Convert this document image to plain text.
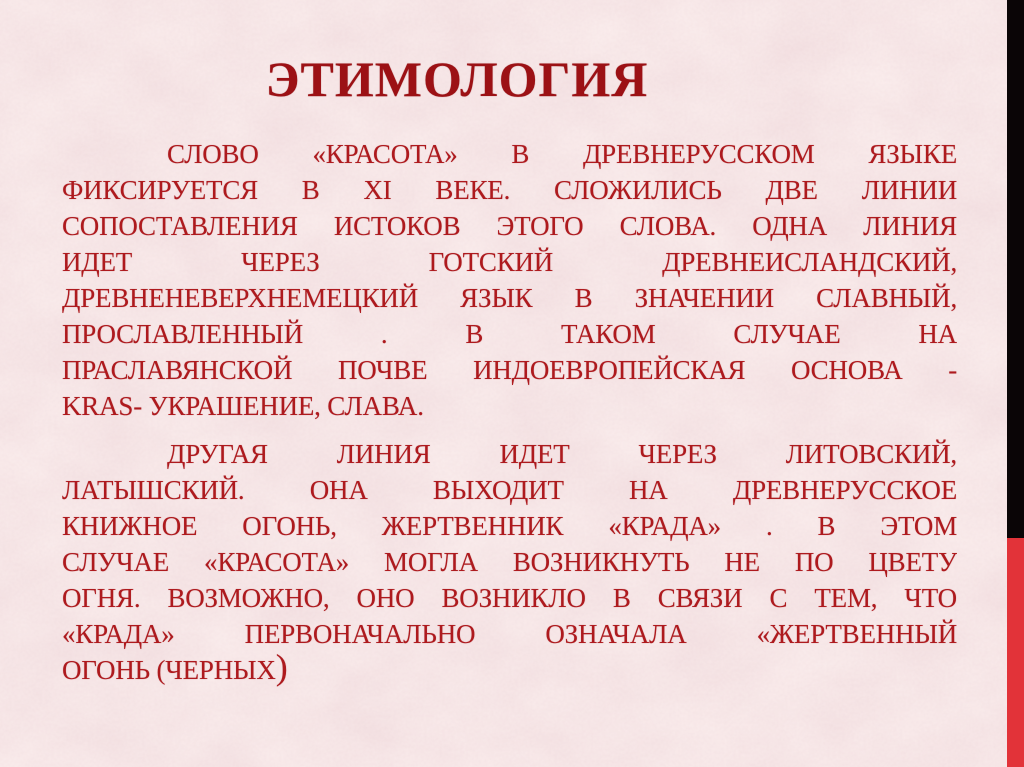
ЭТИМОЛОГИЯ
СЛОВО «КРАСОТА» В ДРЕВНЕРУССКОМ ЯЗЫКЕ
ФИКСИРУЕТСЯ В XI ВЕКЕ. СЛОЖИЛИСЬ ДВЕ ЛИНИИ
СОПОСТАВЛЕНИЯ ИСТОКОВ ЭТОГО СЛОВА. ОДНА ЛИНИЯ
ИДЕТ ЧЕРЕЗ ГОТСКИЙ ДРЕВНЕИСЛАНДСКИЙ,
ДРЕВНЕНЕВЕРХНЕМЕЦКИЙ ЯЗЫК В ЗНАЧЕНИИ СЛАВНЫЙ,
ПРОСЛАВЛЕННЫЙ . В ТАКОМ СЛУЧАЕ НА
ПРАСЛАВЯНСКОЙ ПОЧВЕ ИНДОЕВРОПЕЙСКАЯ ОСНОВА -
KRAS- УКРАШЕНИЕ, СЛАВА.
ДРУГАЯ ЛИНИЯ ИДЕТ ЧЕРЕЗ ЛИТОВСКИЙ,
ЛАТЫШСКИЙ. ОНА ВЫХОДИТ НА ДРЕВНЕРУССКОЕ
КНИЖНОЕ ОГОНЬ, ЖЕРТВЕННИК «КРАДА» . В ЭТОМ
СЛУЧАЕ «КРАСОТА» МОГЛА ВОЗНИКНУТЬ НЕ ПО ЦВЕТУ
ОГНЯ. ВОЗМОЖНО, ОНО ВОЗНИКЛО В СВЯЗИ С ТЕМ, ЧТО
«КРАДА» ПЕРВОНАЧАЛЬНО ОЗНАЧАЛА «ЖЕРТВЕННЫЙ
ОГОНЬ (ЧЕРНЫХ)
